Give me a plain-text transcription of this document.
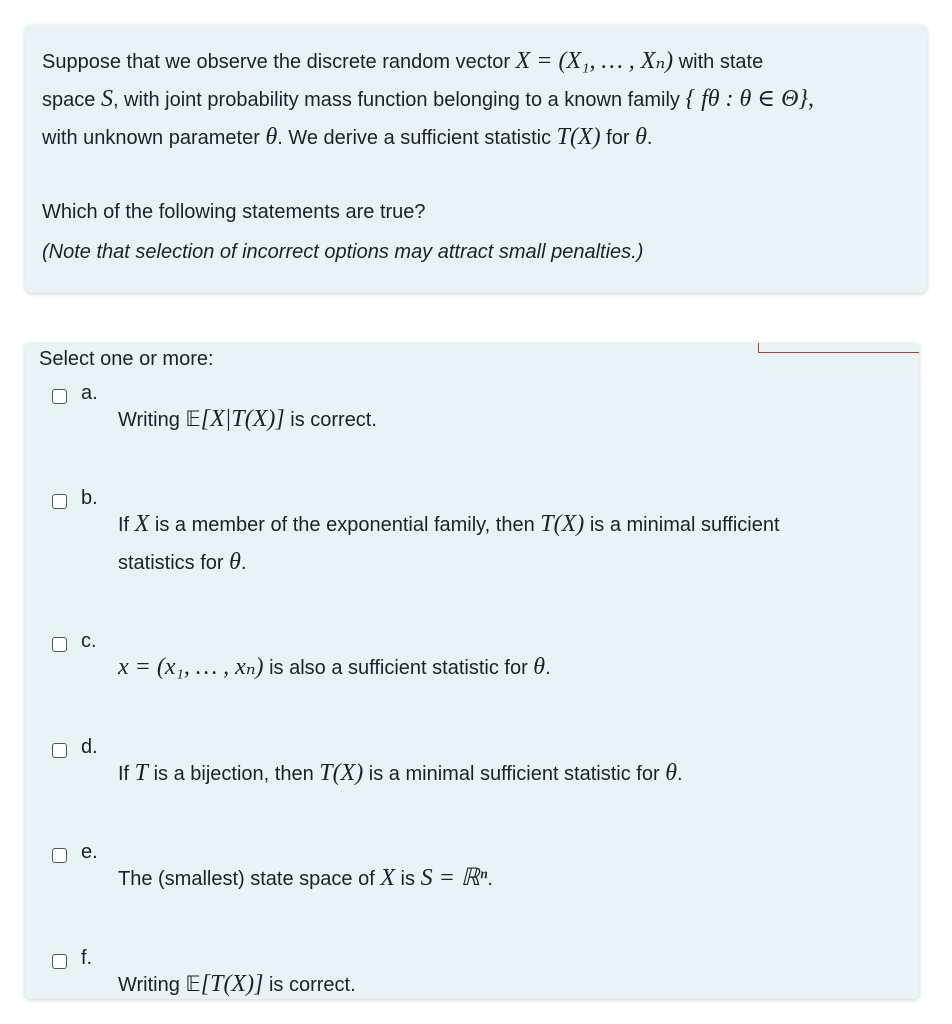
Suppose that we observe the discrete random vector X = (X₁, … , Xₙ) with state
space S, with joint probability mass function belonging to a known family { fθ : θ ∈ Θ},
with unknown parameter θ. We derive a sufficient statistic T(X) for θ.
Which of the following statements are true?
(Note that selection of incorrect options may attract small penalties.)
Select one or more:
a.
Writing 𝔼[X|T(X)] is correct.
b.
If X is a member of the exponential family, then T(X) is a minimal sufficient
statistics for θ.
c.
x = (x₁, … , xₙ) is also a sufficient statistic for θ.
d.
If T is a bijection, then T(X) is a minimal sufficient statistic for θ.
e.
The (smallest) state space of X is S = ℝⁿ.
f.
Writing 𝔼[T(X)] is correct.
